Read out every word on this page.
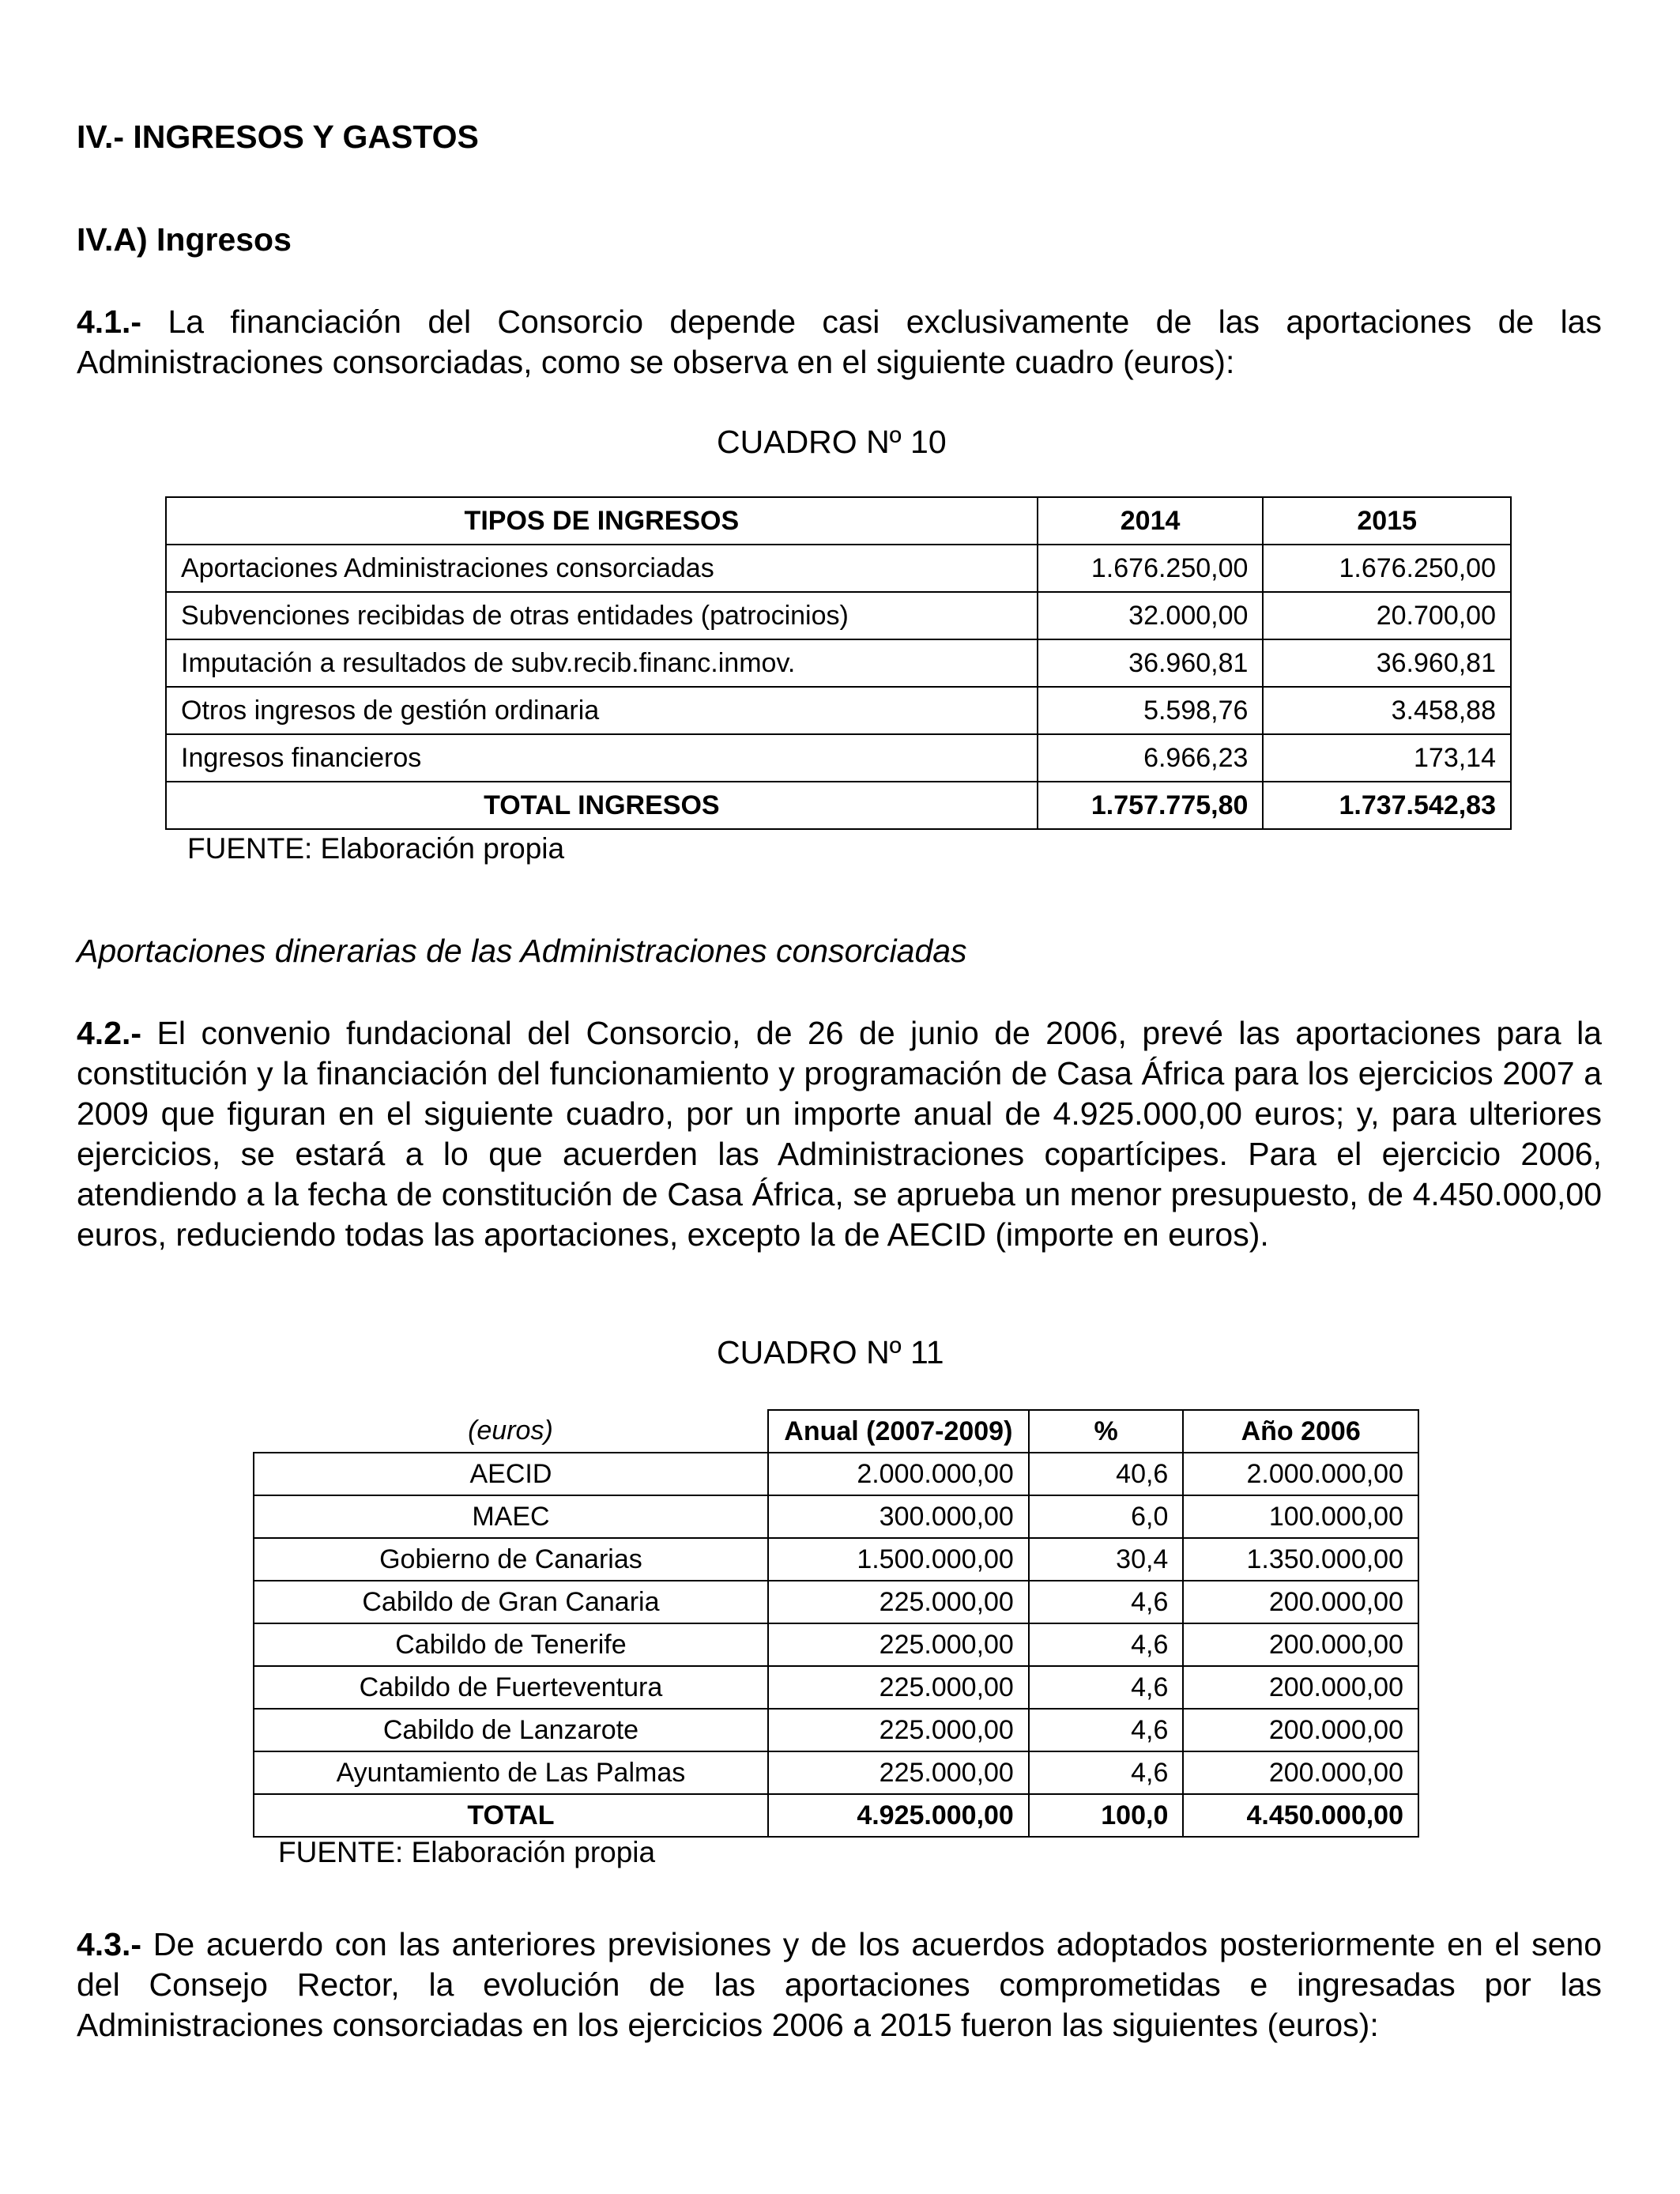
IV.- INGRESOS Y GASTOS
IV.A) Ingresos
4.1.- La financiación del Consorcio depende casi exclusivamente de las aportaciones de las Administraciones consorciadas, como se observa en el siguiente cuadro (euros):
CUADRO Nº 10
TIPOS DE INGRESOS	2014	2015
Aportaciones Administraciones consorciadas	1.676.250,00	1.676.250,00
Subvenciones recibidas de otras entidades (patrocinios)	32.000,00	20.700,00
Imputación a resultados de subv.recib.financ.inmov.	36.960,81	36.960,81
Otros ingresos de gestión ordinaria	5.598,76	3.458,88
Ingresos financieros	6.966,23	173,14
TOTAL INGRESOS	1.757.775,80	1.737.542,83
FUENTE: Elaboración propia
Aportaciones dinerarias de las Administraciones consorciadas
4.2.- El convenio fundacional del Consorcio, de 26 de junio de 2006, prevé las aportaciones para la constitución y la financiación del funcionamiento y programación de Casa África para los ejercicios 2007 a 2009 que figuran en el siguiente cuadro, por un importe anual de 4.925.000,00 euros; y, para ulteriores ejercicios, se estará a lo que acuerden las Administraciones copartícipes. Para el ejercicio 2006, atendiendo a la fecha de constitución de Casa África, se aprueba un menor presupuesto, de 4.450.000,00 euros, reduciendo todas las aportaciones, excepto la de AECID (importe en euros).
CUADRO Nº 11
(euros)	Anual (2007-2009)	%	Año 2006
AECID	2.000.000,00	40,6	2.000.000,00
MAEC	300.000,00	6,0	100.000,00
Gobierno de Canarias	1.500.000,00	30,4	1.350.000,00
Cabildo de Gran Canaria	225.000,00	4,6	200.000,00
Cabildo de Tenerife	225.000,00	4,6	200.000,00
Cabildo de Fuerteventura	225.000,00	4,6	200.000,00
Cabildo de Lanzarote	225.000,00	4,6	200.000,00
Ayuntamiento de Las Palmas	225.000,00	4,6	200.000,00
TOTAL	4.925.000,00	100,0	4.450.000,00
FUENTE: Elaboración propia
4.3.- De acuerdo con las anteriores previsiones y de los acuerdos adoptados posteriormente en el seno del Consejo Rector, la evolución de las aportaciones comprometidas e ingresadas por las Administraciones consorciadas en los ejercicios 2006 a 2015 fueron las siguientes (euros):
